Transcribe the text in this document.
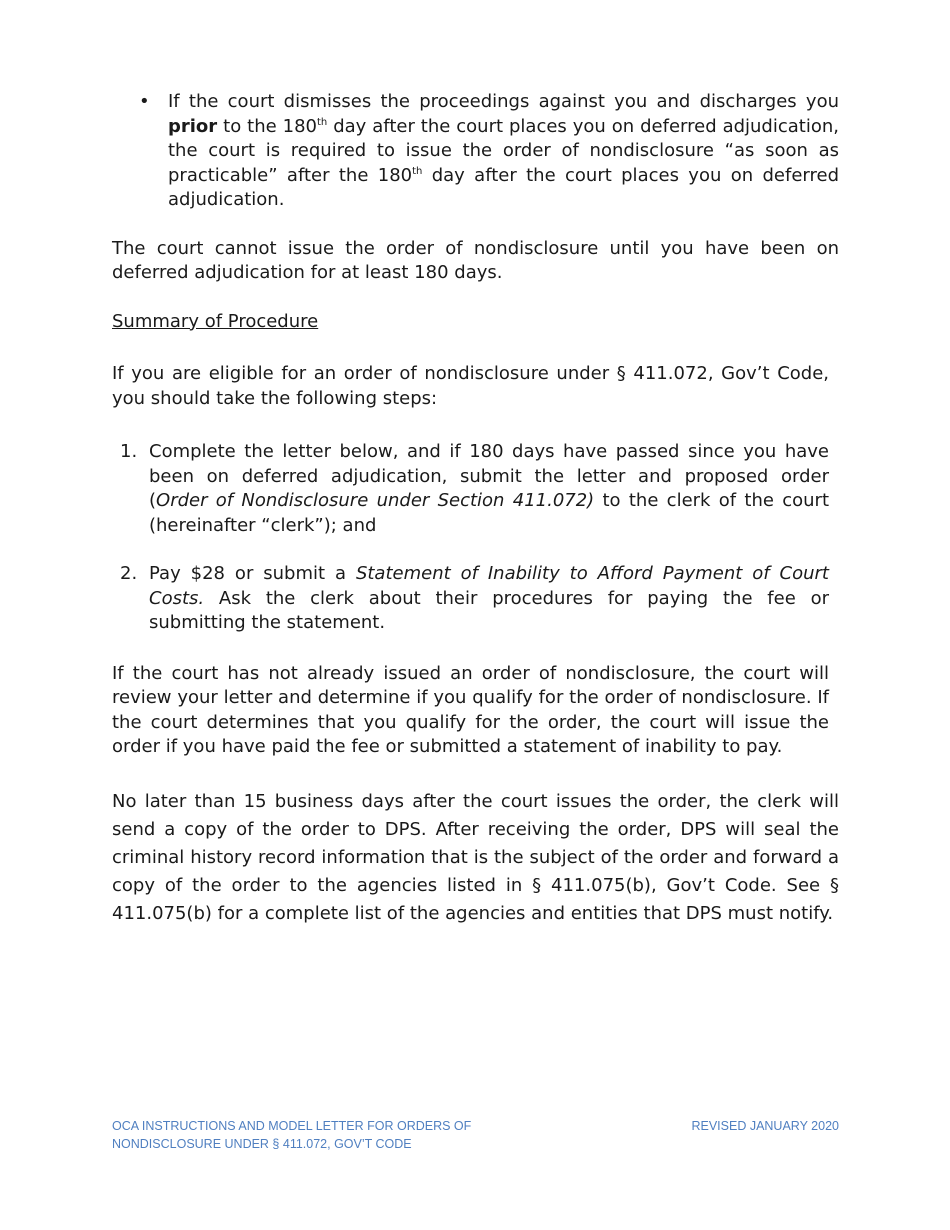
• If the court dismisses the proceedings against you and discharges you prior to the 180th day after the court places you on deferred adjudication, the court is required to issue the order of nondisclosure “as soon as practicable” after the 180th day after the court places you on deferred adjudication.

The court cannot issue the order of nondisclosure until you have been on deferred adjudication for at least 180 days.

Summary of Procedure

If you are eligible for an order of nondisclosure under § 411.072, Gov’t Code, you should take the following steps:

1. Complete the letter below, and if 180 days have passed since you have been on deferred adjudication, submit the letter and proposed order (Order of Nondisclosure under Section 411.072) to the clerk of the court (hereinafter “clerk”); and

2. Pay $28 or submit a Statement of Inability to Afford Payment of Court Costs. Ask the clerk about their procedures for paying the fee or submitting the statement.

If the court has not already issued an order of nondisclosure, the court will review your letter and determine if you qualify for the order of nondisclosure. If the court determines that you qualify for the order, the court will issue the order if you have paid the fee or submitted a statement of inability to pay.

No later than 15 business days after the court issues the order, the clerk will send a copy of the order to DPS. After receiving the order, DPS will seal the criminal history record information that is the subject of the order and forward a copy of the order to the agencies listed in § 411.075(b), Gov’t Code. See § 411.075(b) for a complete list of the agencies and entities that DPS must notify.

OCA INSTRUCTIONS AND MODEL LETTER FOR ORDERS OF
NONDISCLOSURE UNDER § 411.072, GOV’T CODE
REVISED JANUARY 2020
